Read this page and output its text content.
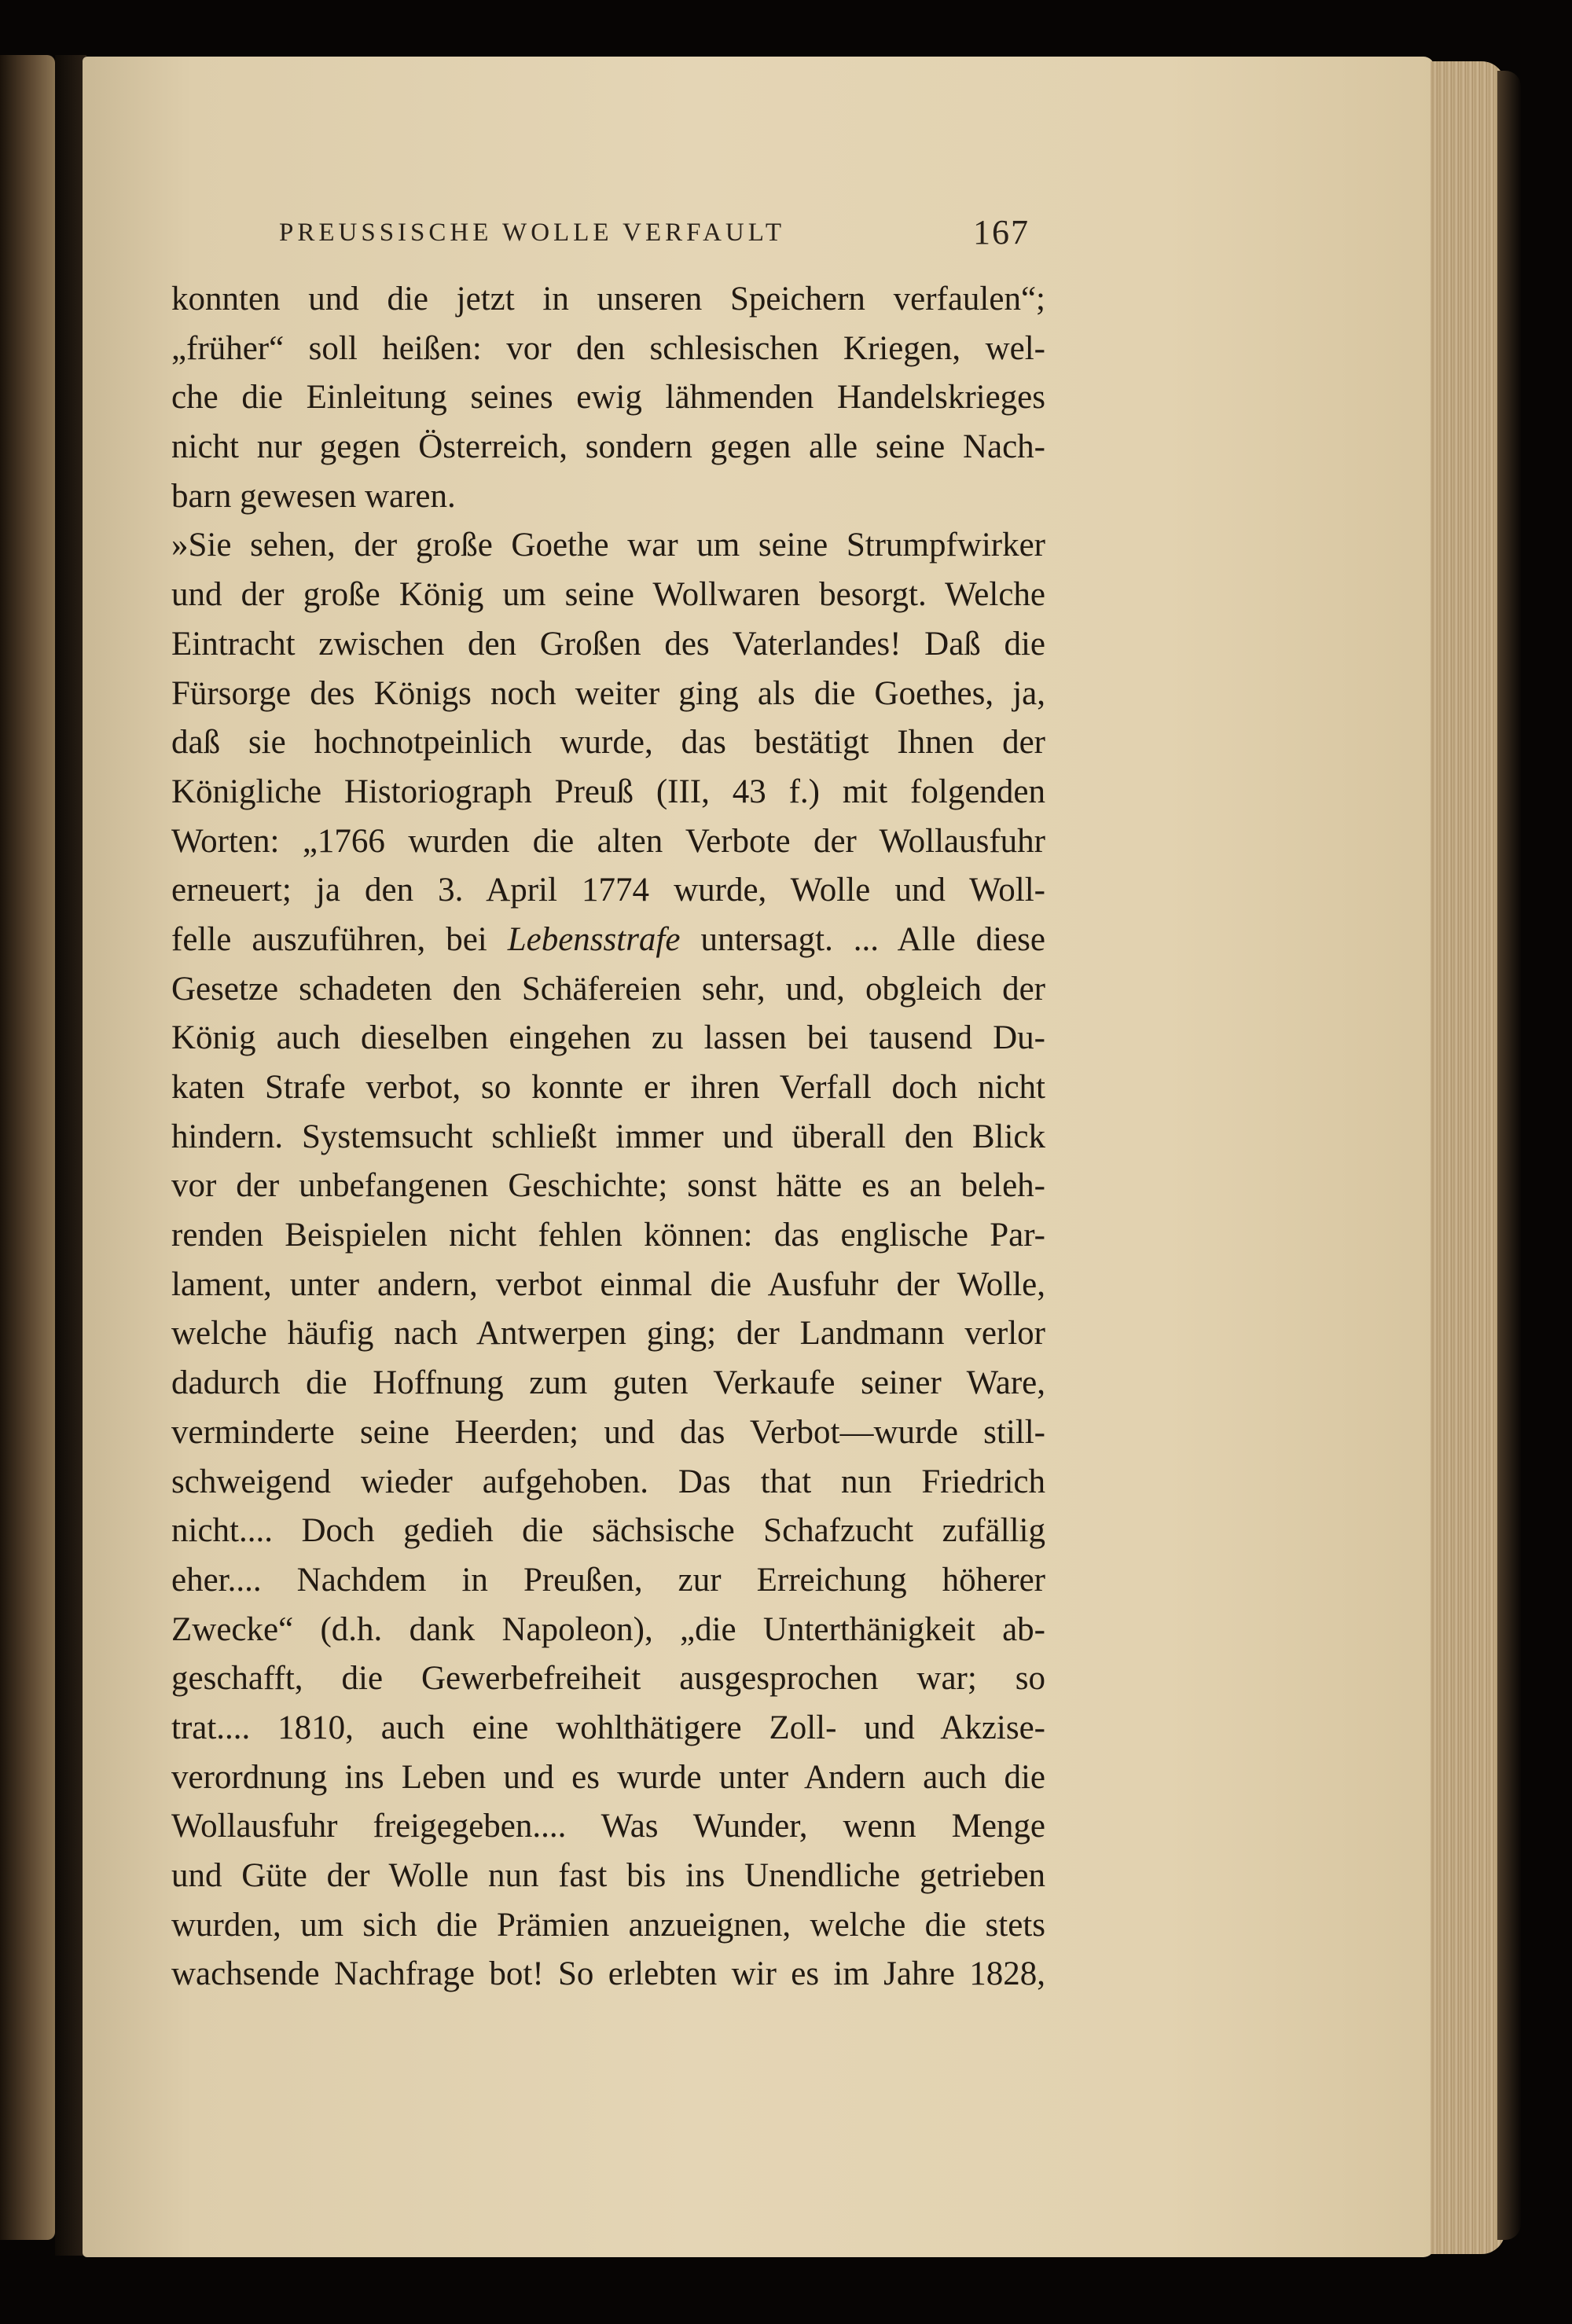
PREUSSISCHE WOLLE VERFAULT	167
konnten und die jetzt in unseren Speichern verfaulen“;
„früher“ soll heißen: vor den schlesischen Kriegen, wel-
che die Einleitung seines ewig lähmenden Handelskrieges
nicht nur gegen Österreich, sondern gegen alle seine Nach-
barn gewesen waren.
»Sie sehen, der große Goethe war um seine Strumpfwirker
und der große König um seine Wollwaren besorgt. Welche
Eintracht zwischen den Großen des Vaterlandes! Daß die
Fürsorge des Königs noch weiter ging als die Goethes, ja,
daß sie hochnotpeinlich wurde, das bestätigt Ihnen der
Königliche Historiograph Preuß (III, 43 f.) mit folgenden
Worten: „1766 wurden die alten Verbote der Wollausfuhr
erneuert; ja den 3. April 1774 wurde, Wolle und Woll-
felle auszuführen, bei Lebensstrafe untersagt. ... Alle diese
Gesetze schadeten den Schäfereien sehr, und, obgleich der
König auch dieselben eingehen zu lassen bei tausend Du-
katen Strafe verbot, so konnte er ihren Verfall doch nicht
hindern. Systemsucht schließt immer und überall den Blick
vor der unbefangenen Geschichte; sonst hätte es an beleh-
renden Beispielen nicht fehlen können: das englische Par-
lament, unter andern, verbot einmal die Ausfuhr der Wolle,
welche häufig nach Antwerpen ging; der Landmann verlor
dadurch die Hoffnung zum guten Verkaufe seiner Ware,
verminderte seine Heerden; und das Verbot—wurde still-
schweigend wieder aufgehoben. Das that nun Friedrich
nicht.... Doch gedieh die sächsische Schafzucht zufällig
eher.... Nachdem in Preußen, zur Erreichung höherer
Zwecke“ (d.h. dank Napoleon), „die Unterthänigkeit ab-
geschafft, die Gewerbefreiheit ausgesprochen war; so
trat.... 1810, auch eine wohlthätigere Zoll- und Akzise-
verordnung ins Leben und es wurde unter Andern auch die
Wollausfuhr freigegeben.... Was Wunder, wenn Menge
und Güte der Wolle nun fast bis ins Unendliche getrieben
wurden, um sich die Prämien anzueignen, welche die stets
wachsende Nachfrage bot! So erlebten wir es im Jahre 1828,
